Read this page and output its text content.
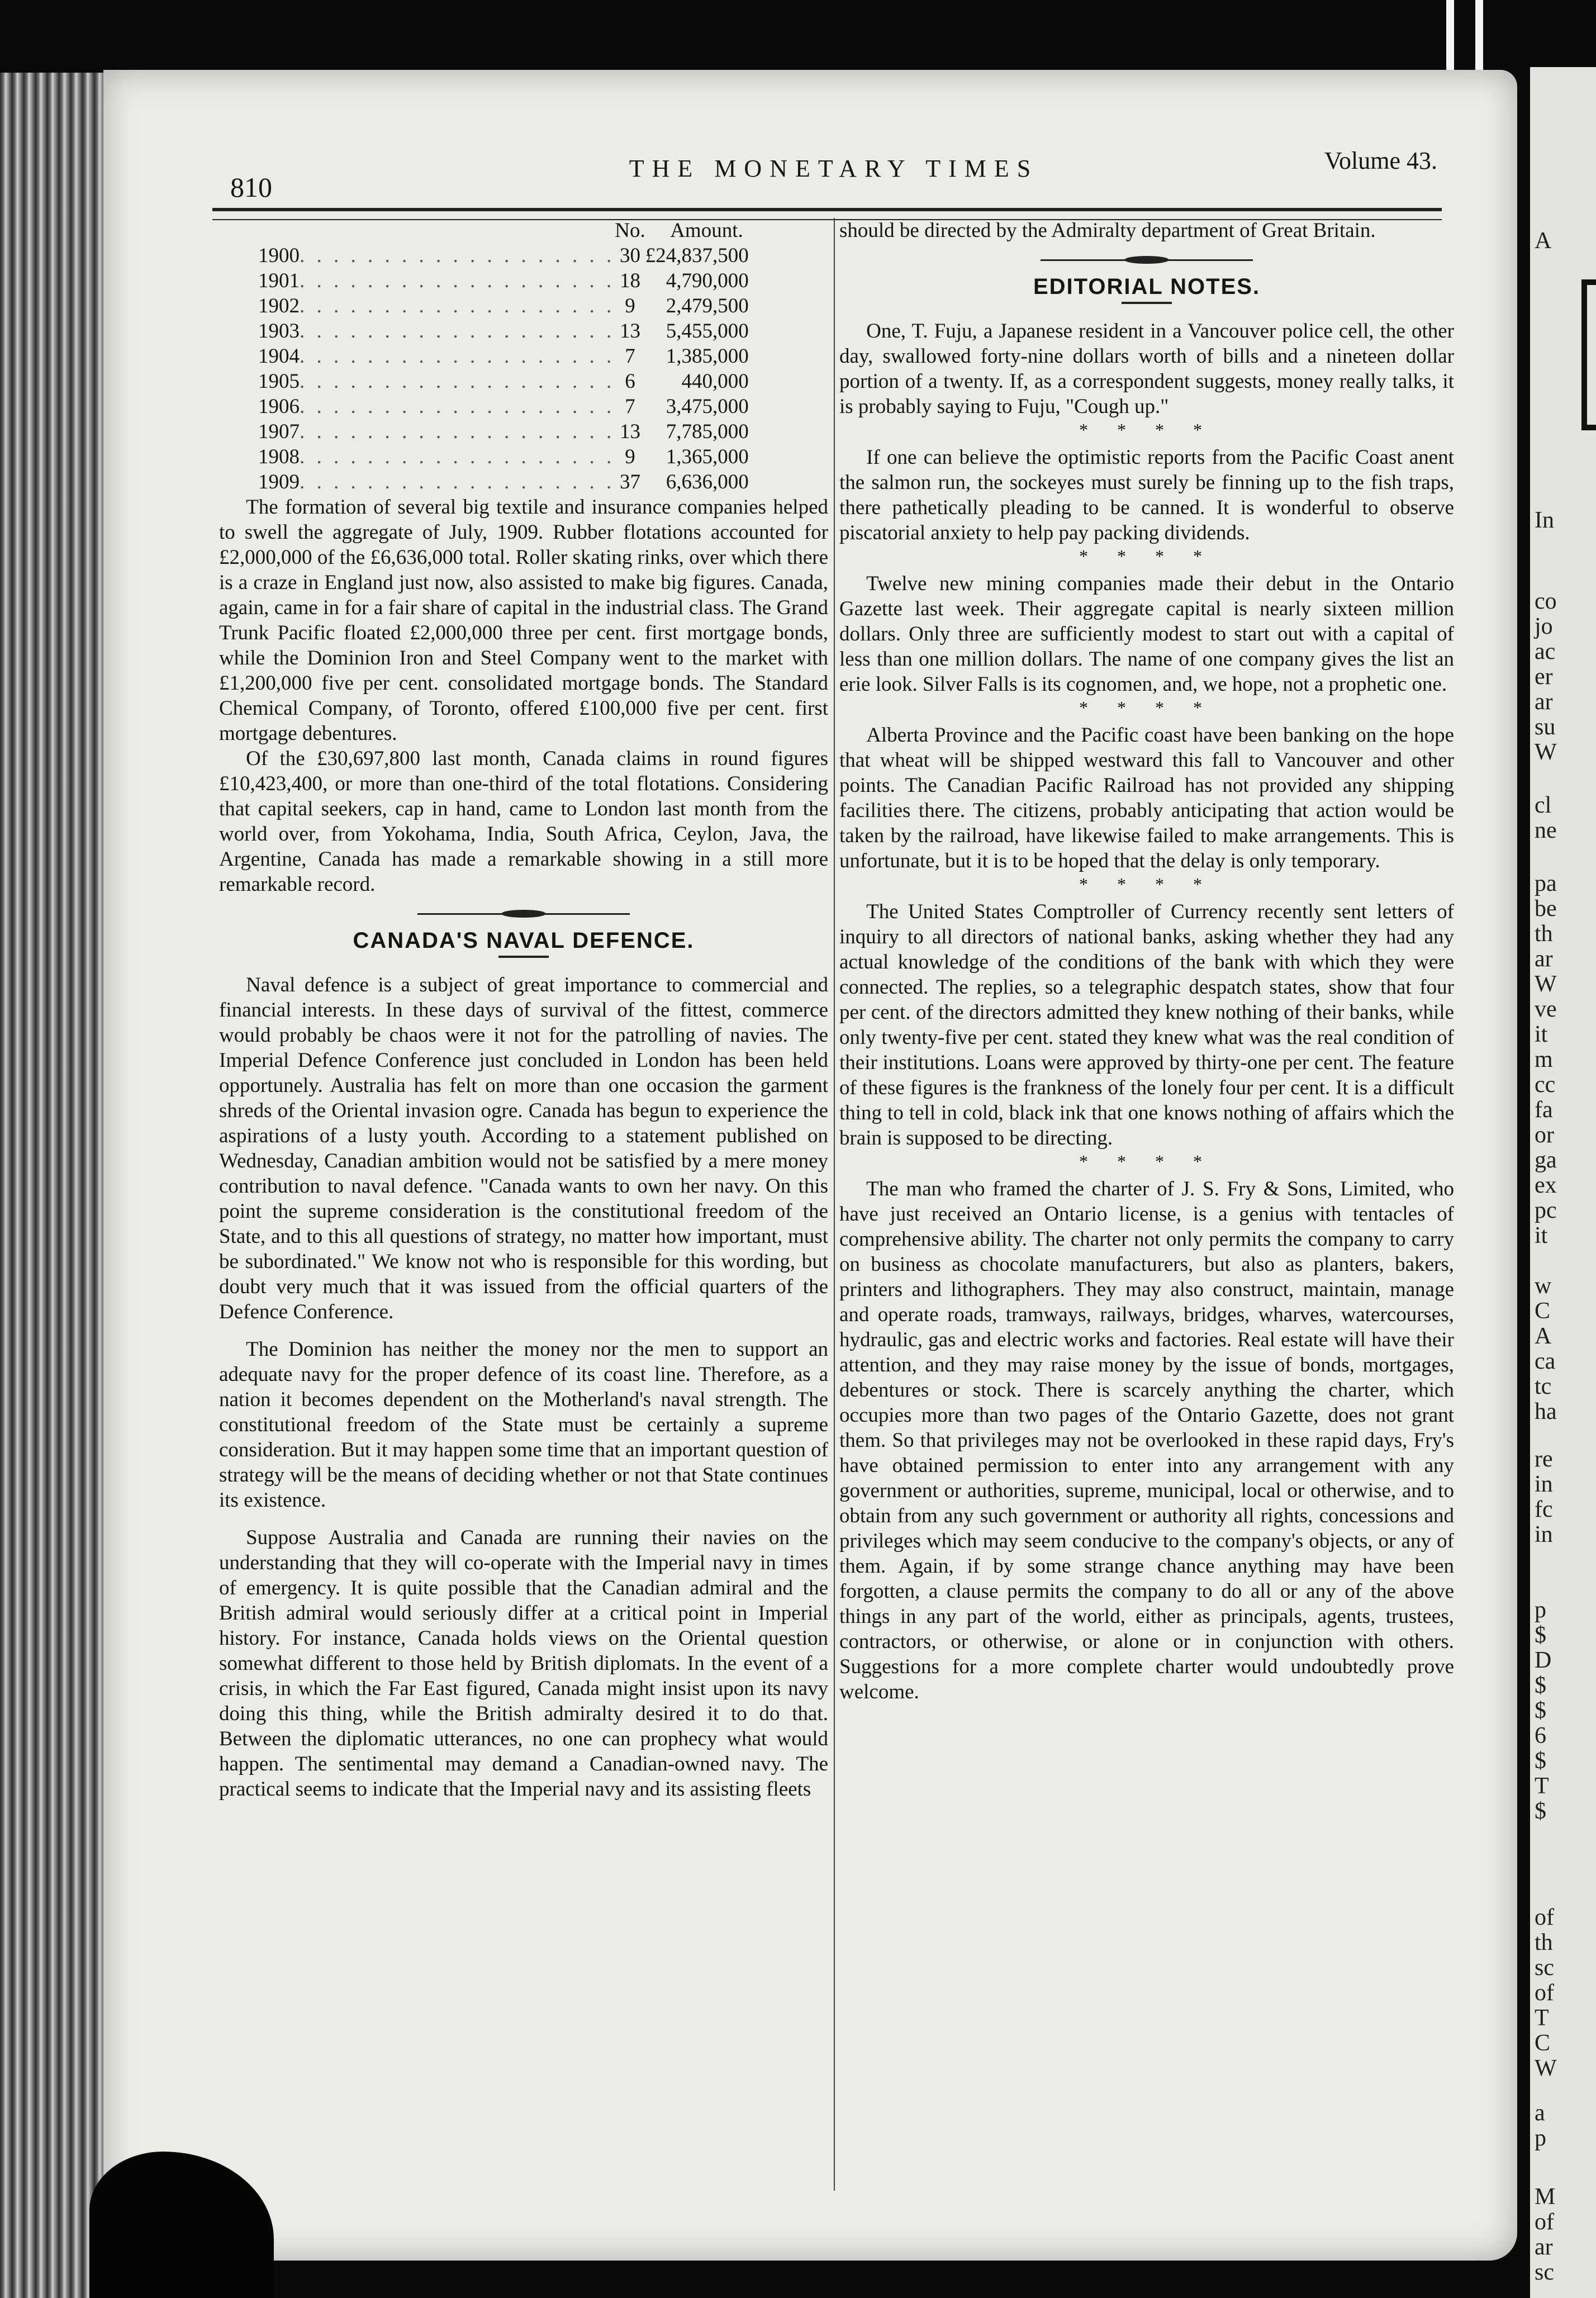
A
In
co
jo
ac
er
ar
su
W
cl
ne
pa
be
th
ar
W
ve
it
m
cc
fa
or
ga
ex
pc
it
w
C
A
ca
tc
ha
re
in
fc
in
p
$
D
$
$
6
$
T
$
of
th
sc
of
T
C
W
a
p
M
of
ar
sc
810
THE MONETARY TIMES	Volume 43.
		No.	Amount.
1900	. . . . . . . . . . . . . . . . . . .	30	£24,837,500
1901	. . . . . . . . . . . . . . . . . . .	18	4,790,000
1902	. . . . . . . . . . . . . . . . . . .	9	2,479,500
1903	. . . . . . . . . . . . . . . . . . .	13	5,455,000
1904	. . . . . . . . . . . . . . . . . . .	7	1,385,000
1905	. . . . . . . . . . . . . . . . . . .	6	440,000
1906	. . . . . . . . . . . . . . . . . . .	7	3,475,000
1907	. . . . . . . . . . . . . . . . . . .	13	7,785,000
1908	. . . . . . . . . . . . . . . . . . .	9	1,365,000
1909	. . . . . . . . . . . . . . . . . . .	37	6,636,000

The formation of several big textile and insurance companies helped to swell the aggregate of July, 1909. Rubber flotations accounted for £2,000,000 of the £6,636,000 total. Roller skating rinks, over which there is a craze in England just now, also assisted to make big figures. Canada, again, came in for a fair share of capital in the industrial class. The Grand Trunk Pacific floated £2,000,000 three per cent. first mortgage bonds, while the Dominion Iron and Steel Company went to the market with £1,200,000 five per cent. consolidated mortgage bonds. The Standard Chemical Company, of Toronto, offered £100,000 five per cent. first mortgage debentures.

Of the £30,697,800 last month, Canada claims in round figures £10,423,400, or more than one-third of the total flotations. Considering that capital seekers, cap in hand, came to London last month from the world over, from Yokohama, India, South Africa, Ceylon, Java, the Argentine, Canada has made a remarkable showing in a still more remarkable record.

CANADA'S NAVAL DEFENCE.

Naval defence is a subject of great importance to commercial and financial interests. In these days of survival of the fittest, commerce would probably be chaos were it not for the patrolling of navies. The Imperial Defence Conference just concluded in London has been held opportunely. Australia has felt on more than one occasion the garment shreds of the Oriental invasion ogre. Canada has begun to experience the aspirations of a lusty youth. According to a statement published on Wednesday, Canadian ambition would not be satisfied by a mere money contribution to naval defence. "Canada wants to own her navy. On this point the supreme consideration is the constitutional freedom of the State, and to this all questions of strategy, no matter how important, must be subordinated." We know not who is responsible for this wording, but doubt very much that it was issued from the official quarters of the Defence Conference.

The Dominion has neither the money nor the men to support an adequate navy for the proper defence of its coast line. Therefore, as a nation it becomes dependent on the Motherland's naval strength. The constitutional freedom of the State must be certainly a supreme consideration. But it may happen some time that an important question of strategy will be the means of deciding whether or not that State continues its existence.

Suppose Australia and Canada are running their navies on the understanding that they will co-operate with the Imperial navy in times of emergency. It is quite possible that the Canadian admiral and the British admiral would seriously differ at a critical point in Imperial history. For instance, Canada holds views on the Oriental question somewhat different to those held by British diplomats. In the event of a crisis, in which the Far East figured, Canada might insist upon its navy doing this thing, while the British admiralty desired it to do that. Between the diplomatic utterances, no one can prophecy what would happen. The sentimental may demand a Canadian-owned navy. The practical seems to indicate that the Imperial navy and its assisting fleets

should be directed by the Admiralty department of Great Britain.

EDITORIAL NOTES.

One, T. Fuju, a Japanese resident in a Vancouver police cell, the other day, swallowed forty-nine dollars worth of bills and a nineteen dollar portion of a twenty. If, as a correspondent suggests, money really talks, it is probably saying to Fuju, "Cough up."

* * * *

If one can believe the optimistic reports from the Pacific Coast anent the salmon run, the sockeyes must surely be finning up to the fish traps, there pathetically pleading to be canned. It is wonderful to observe piscatorial anxiety to help pay packing dividends.

* * * *

Twelve new mining companies made their debut in the Ontario Gazette last week. Their aggregate capital is nearly sixteen million dollars. Only three are sufficiently modest to start out with a capital of less than one million dollars. The name of one company gives the list an erie look. Silver Falls is its cognomen, and, we hope, not a prophetic one.

* * * *

Alberta Province and the Pacific coast have been banking on the hope that wheat will be shipped westward this fall to Vancouver and other points. The Canadian Pacific Railroad has not provided any shipping facilities there. The citizens, probably anticipating that action would be taken by the railroad, have likewise failed to make arrangements. This is unfortunate, but it is to be hoped that the delay is only temporary.

* * * *

The United States Comptroller of Currency recently sent letters of inquiry to all directors of national banks, asking whether they had any actual knowledge of the conditions of the bank with which they were connected. The replies, so a telegraphic despatch states, show that four per cent. of the directors admitted they knew nothing of their banks, while only twenty-five per cent. stated they knew what was the real condition of their institutions. Loans were approved by thirty-one per cent. The feature of these figures is the frankness of the lonely four per cent. It is a difficult thing to tell in cold, black ink that one knows nothing of affairs which the brain is supposed to be directing.

* * * *

The man who framed the charter of J. S. Fry & Sons, Limited, who have just received an Ontario license, is a genius with tentacles of comprehensive ability. The charter not only permits the company to carry on business as chocolate manufacturers, but also as planters, bakers, printers and lithographers. They may also construct, maintain, manage and operate roads, tramways, railways, bridges, wharves, watercourses, hydraulic, gas and electric works and factories. Real estate will have their attention, and they may raise money by the issue of bonds, mortgages, debentures or stock. There is scarcely anything the charter, which occupies more than two pages of the Ontario Gazette, does not grant them. So that privileges may not be overlooked in these rapid days, Fry's have obtained permission to enter into any arrangement with any government or authorities, supreme, municipal, local or otherwise, and to obtain from any such government or authority all rights, concessions and privileges which may seem conducive to the company's objects, or any of them. Again, if by some strange chance anything may have been forgotten, a clause permits the company to do all or any of the above things in any part of the world, either as principals, agents, trustees, contractors, or otherwise, or alone or in conjunction with others. Suggestions for a more complete charter would undoubtedly prove welcome.
